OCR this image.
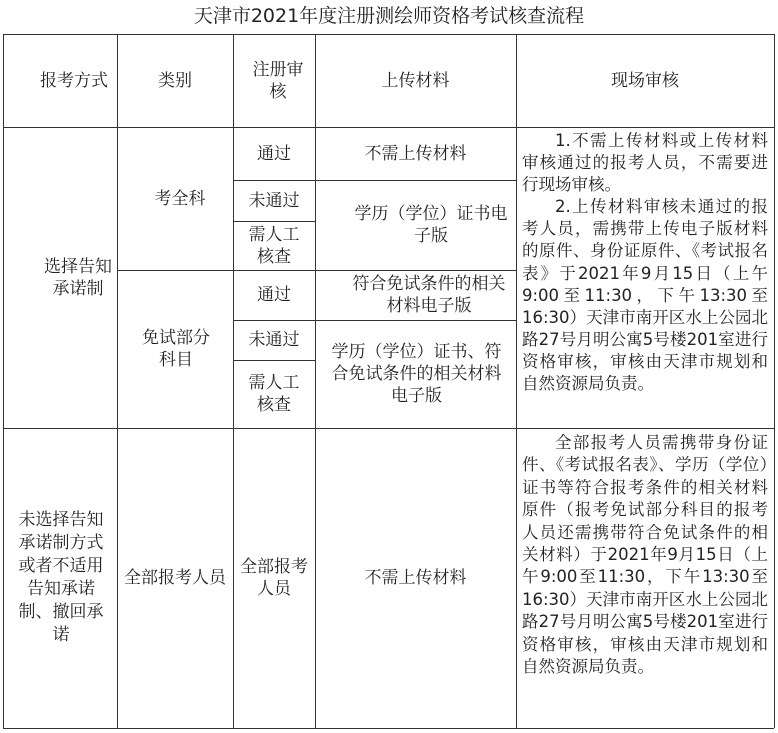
天津市2021年度注册测绘师资格考试核查流程
报考方式	类别
注册审核
上传材料	现场审核
选择告知承诺制
考全科
通过
未通过
需人工核查
不需上传材料
学历（学位）证书电子版
免试部分科目
通过
未通过
需人工核查
符合免试条件的相关材料电子版
学历（学位）证书、符合免试条件的相关材料电子版

1.不需上传材料或上传材料审核通过的报考人员，不需要进行现场审核。

2.上传材料审核未通过的报考人员，需携带上传电子版材料的原件、身份证原件、《考试报名表》于2021年9月15日（上午9:00至11:30，下午13:30至16:30）天津市南开区水上公园北路27号月明公寓5号楼201室进行资格审核，审核由天津市规划和自然资源局负责。

未选择告知承诺制方式或者不适用告知承诺制、撤回承诺
全部报考人员
全部报考人员
不需上传材料

全部报考人员需携带身份证件、《考试报名表》、学历（学位）证书等符合报考条件的相关材料原件（报考免试部分科目的报考人员还需携带符合免试条件的相关材料）于2021年9月15日（上午9:00至11:30，下午13:30至16:30）天津市南开区水上公园北路27号月明公寓5号楼201室进行资格审核，审核由天津市规划和自然资源局负责。
